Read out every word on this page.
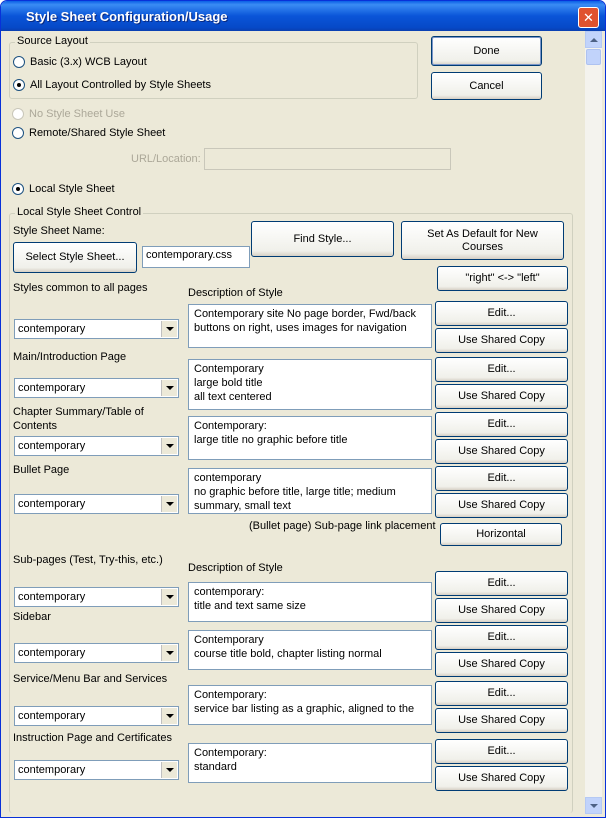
Style Sheet Configuration/Usage	✕
Source Layout
Basic (3.x) WCB Layout
All Layout Controlled by Style Sheets
Done
Cancel
No Style Sheet Use
Remote/Shared Style Sheet
URL/Location:
Local Style Sheet
Local Style Sheet Control
Style Sheet Name:
Select Style Sheet...	contemporary.css
Find Style...	Set As Default for New Courses
"right" <-> "left"
Description of Style
Description of Style
(Bullet page) Sub-page link placement
Horizontal
Styles common to all pages
contemporary
Contemporary site No page border, Fwd/back
buttons on right, uses images for navigation
Edit...
Use Shared Copy
Main/Introduction Page
contemporary
Contemporary
large bold title
all text centered
Edit...
Use Shared Copy
Chapter Summary/Table of
Contents
contemporary
Contemporary:
large title no graphic before title
Edit...
Use Shared Copy
Bullet Page
contemporary
contemporary
no graphic before title, large title; medium
summary, small text
Edit...
Use Shared Copy
Sub-pages (Test, Try-this, etc.)
contemporary	contemporary:
title and text same size
Edit...
Use Shared Copy
Sidebar
contemporary
Contemporary
course title bold, chapter listing normal
Edit...
Use Shared Copy
Service/Menu Bar and Services
contemporary
Contemporary:
service bar listing as a graphic, aligned to the
Edit...
Use Shared Copy
Instruction Page and Certificates
contemporary
Contemporary:
standard
Edit...
Use Shared Copy
